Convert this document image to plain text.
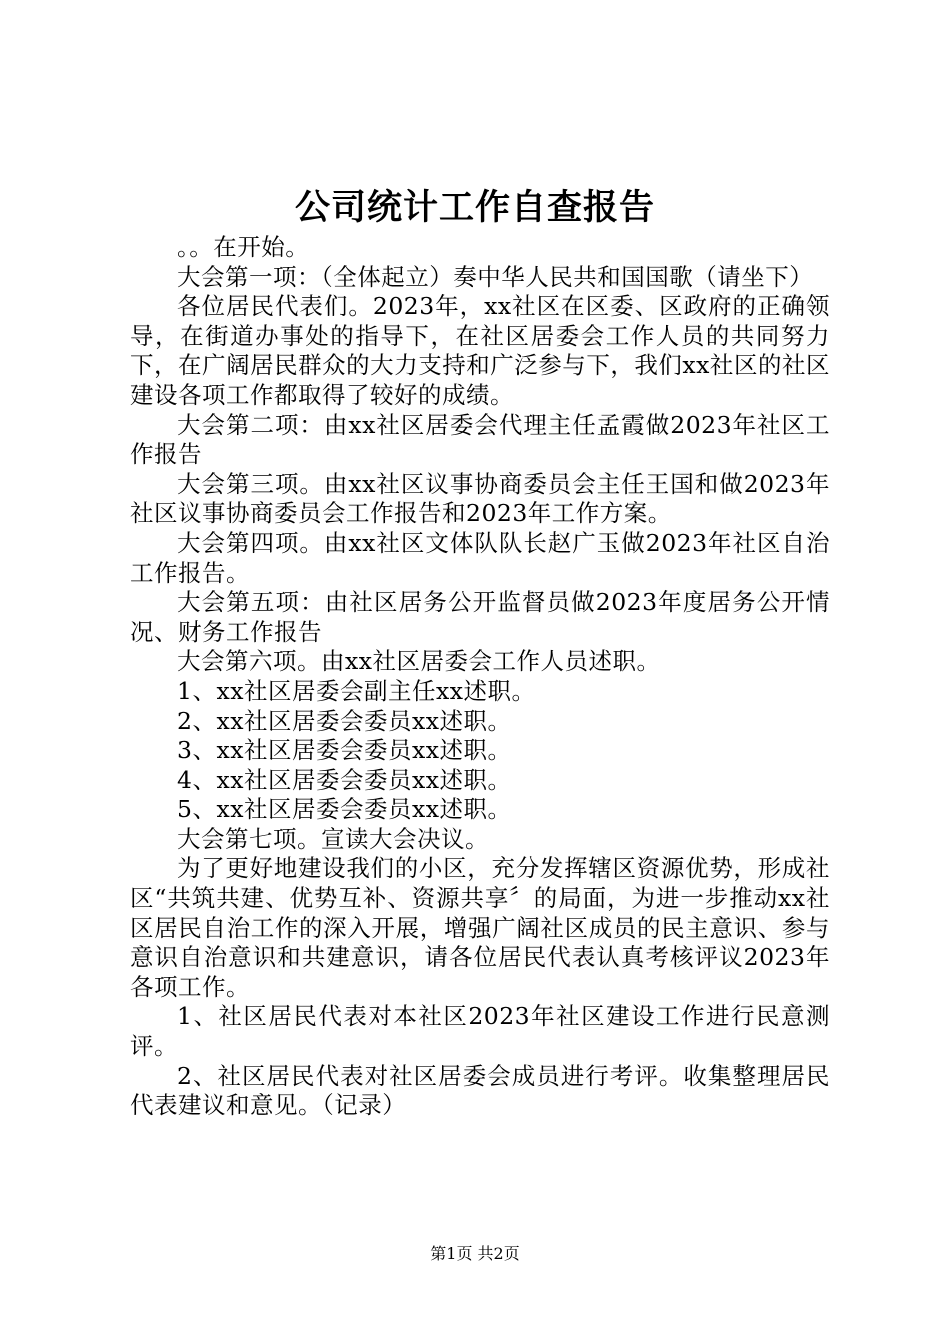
公司统计工作自查报告

。。在开始。

大会第一项：（全体起立）奏中华人民共和国国歌（请坐下）

各位居民代表们。2023年，xx社区在区委、区政府的正确领导，在街道办事处的指导下，在社区居委会工作人员的共同努力下，在广阔居民群众的大力支持和广泛参与下，我们xx社区的社区建设各项工作都取得了较好的成绩。

大会第二项：由xx社区居委会代理主任孟霞做2023年社区工作报告

大会第三项。由xx社区议事协商委员会主任王国和做2023年社区议事协商委员会工作报告和2023年工作方案。

大会第四项。由xx社区文体队队长赵广玉做2023年社区自治工作报告。

大会第五项：由社区居务公开监督员做2023年度居务公开情况、财务工作报告

大会第六项。由xx社区居委会工作人员述职。

1、xx社区居委会副主任xx述职。

2、xx社区居委会委员xx述职。

3、xx社区居委会委员xx述职。

4、xx社区居委会委员xx述职。

5、xx社区居委会委员xx述职。

大会第七项。宣读大会决议。

为了更好地建设我们的小区，充分发挥辖区资源优势，形成社区“共筑共建、优势互补、资源共享〞的局面，为进一步推动xx社区居民自治工作的深入开展，增强广阔社区成员的民主意识、参与意识自治意识和共建意识，请各位居民代表认真考核评议2023年各项工作。

1、社区居民代表对本社区2023年社区建设工作进行民意测评。

2、社区居民代表对社区居委会成员进行考评。收集整理居民代表建议和意见。（记录）

第1页 共2页
